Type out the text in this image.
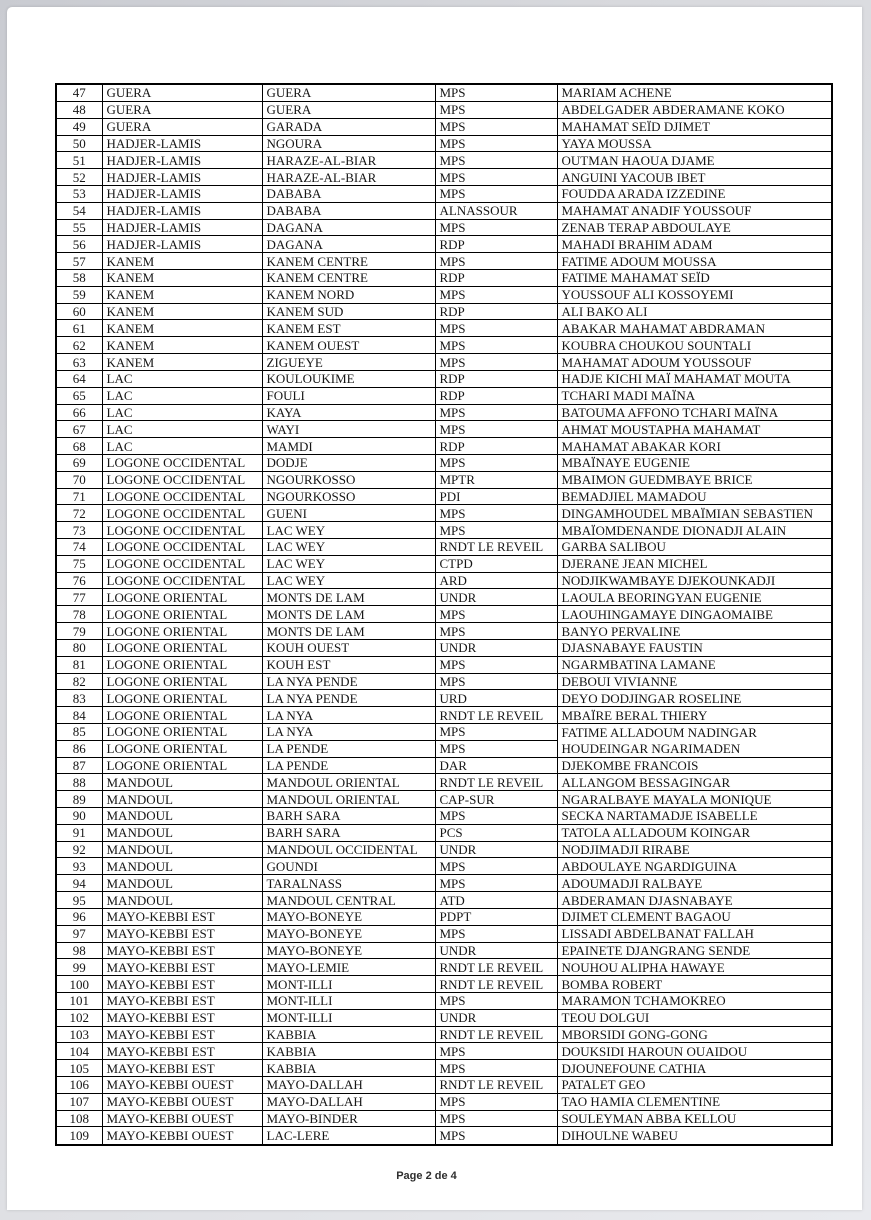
47	GUERA	GUERA	MPS	MARIAM ACHENE
48	GUERA	GUERA	MPS	ABDELGADER ABDERAMANE KOKO
49	GUERA	GARADA	MPS	MAHAMAT SEÏD DJIMET
50	HADJER-LAMIS	NGOURA	MPS	YAYA MOUSSA
51	HADJER-LAMIS	HARAZE-AL-BIAR	MPS	OUTMAN HAOUA DJAME
52	HADJER-LAMIS	HARAZE-AL-BIAR	MPS	ANGUINI YACOUB IBET
53	HADJER-LAMIS	DABABA	MPS	FOUDDA ARADA IZZEDINE
54	HADJER-LAMIS	DABABA	ALNASSOUR	MAHAMAT ANADIF YOUSSOUF
55	HADJER-LAMIS	DAGANA	MPS	ZENAB TERAP ABDOULAYE
56	HADJER-LAMIS	DAGANA	RDP	MAHADI BRAHIM ADAM
57	KANEM	KANEM CENTRE	MPS	FATIME ADOUM MOUSSA
58	KANEM	KANEM CENTRE	RDP	FATIME MAHAMAT SEÏD
59	KANEM	KANEM NORD	MPS	YOUSSOUF ALI KOSSOYEMI
60	KANEM	KANEM SUD	RDP	ALI BAKO ALI
61	KANEM	KANEM EST	MPS	ABAKAR MAHAMAT ABDRAMAN
62	KANEM	KANEM OUEST	MPS	KOUBRA CHOUKOU SOUNTALI
63	KANEM	ZIGUEYE	MPS	MAHAMAT ADOUM YOUSSOUF
64	LAC	KOULOUKIME	RDP	HADJE KICHI MAÏ MAHAMAT MOUTA
65	LAC	FOULI	RDP	TCHARI MADI MAÏNA
66	LAC	KAYA	MPS	BATOUMA AFFONO TCHARI MAÏNA
67	LAC	WAYI	MPS	AHMAT MOUSTAPHA MAHAMAT
68	LAC	MAMDI	RDP	MAHAMAT ABAKAR KORI
69	LOGONE OCCIDENTAL	DODJE	MPS	MBAÏNAYE EUGENIE
70	LOGONE OCCIDENTAL	NGOURKOSSO	MPTR	MBAIMON GUEDMBAYE BRICE
71	LOGONE OCCIDENTAL	NGOURKOSSO	PDI	BEMADJIEL MAMADOU
72	LOGONE OCCIDENTAL	GUENI	MPS	DINGAMHOUDEL MBAÏMIAN SEBASTIEN
73	LOGONE OCCIDENTAL	LAC WEY	MPS	MBAÏOMDENANDE DIONADJI ALAIN
74	LOGONE OCCIDENTAL	LAC WEY	RNDT LE REVEIL	GARBA SALIBOU
75	LOGONE OCCIDENTAL	LAC WEY	CTPD	DJERANE JEAN MICHEL
76	LOGONE OCCIDENTAL	LAC WEY	ARD	NODJIKWAMBAYE DJEKOUNKADJI
77	LOGONE ORIENTAL	MONTS DE LAM	UNDR	LAOULA BEORINGYAN EUGENIE
78	LOGONE ORIENTAL	MONTS DE LAM	MPS	LAOUHINGAMAYE DINGAOMAIBE
79	LOGONE ORIENTAL	MONTS DE LAM	MPS	BANYO PERVALINE
80	LOGONE ORIENTAL	KOUH OUEST	UNDR	DJASNABAYE FAUSTIN
81	LOGONE ORIENTAL	KOUH EST	MPS	NGARMBATINA LAMANE
82	LOGONE ORIENTAL	LA NYA PENDE	MPS	DEBOUI VIVIANNE
83	LOGONE ORIENTAL	LA NYA PENDE	URD	DEYO DODJINGAR ROSELINE
84	LOGONE ORIENTAL	LA NYA	RNDT LE REVEIL	MBAÏRE BERAL THIERY
85	LOGONE ORIENTAL	LA NYA	MPS	FATIME ALLADOUM NADINGAR
86	LOGONE ORIENTAL	LA PENDE	MPS	HOUDEINGAR NGARIMADEN
87	LOGONE ORIENTAL	LA PENDE	DAR	DJEKOMBE FRANCOIS
88	MANDOUL	MANDOUL ORIENTAL	RNDT LE REVEIL	ALLANGOM BESSAGINGAR
89	MANDOUL	MANDOUL ORIENTAL	CAP-SUR	NGARALBAYE MAYALA MONIQUE
90	MANDOUL	BARH SARA	MPS	SECKA NARTAMADJE ISABELLE
91	MANDOUL	BARH SARA	PCS	TATOLA ALLADOUM KOINGAR
92	MANDOUL	MANDOUL OCCIDENTAL	UNDR	NODJIMADJI RIRABE
93	MANDOUL	GOUNDI	MPS	ABDOULAYE NGARDIGUINA
94	MANDOUL	TARALNASS	MPS	ADOUMADJI RALBAYE
95	MANDOUL	MANDOUL CENTRAL	ATD	ABDERAMAN DJASNABAYE
96	MAYO-KEBBI EST	MAYO-BONEYE	PDPT	DJIMET CLEMENT BAGAOU
97	MAYO-KEBBI EST	MAYO-BONEYE	MPS	LISSADI ABDELBANAT FALLAH
98	MAYO-KEBBI EST	MAYO-BONEYE	UNDR	EPAINETE DJANGRANG SENDE
99	MAYO-KEBBI EST	MAYO-LEMIE	RNDT LE REVEIL	NOUHOU ALIPHA HAWAYE
100	MAYO-KEBBI EST	MONT-ILLI	RNDT LE REVEIL	BOMBA ROBERT
101	MAYO-KEBBI EST	MONT-ILLI	MPS	MARAMON TCHAMOKREO
102	MAYO-KEBBI EST	MONT-ILLI	UNDR	TEOU DOLGUI
103	MAYO-KEBBI EST	KABBIA	RNDT LE REVEIL	MBORSIDI GONG-GONG
104	MAYO-KEBBI EST	KABBIA	MPS	DOUKSIDI HAROUN OUAIDOU
105	MAYO-KEBBI EST	KABBIA	MPS	DJOUNEFOUNE CATHIA
106	MAYO-KEBBI OUEST	MAYO-DALLAH	RNDT LE REVEIL	PATALET GEO
107	MAYO-KEBBI OUEST	MAYO-DALLAH	MPS	TAO HAMIA CLEMENTINE
108	MAYO-KEBBI OUEST	MAYO-BINDER	MPS	SOULEYMAN ABBA KELLOU
109	MAYO-KEBBI OUEST	LAC-LERE	MPS	DIHOULNE WABEU
Page 2 de 4
